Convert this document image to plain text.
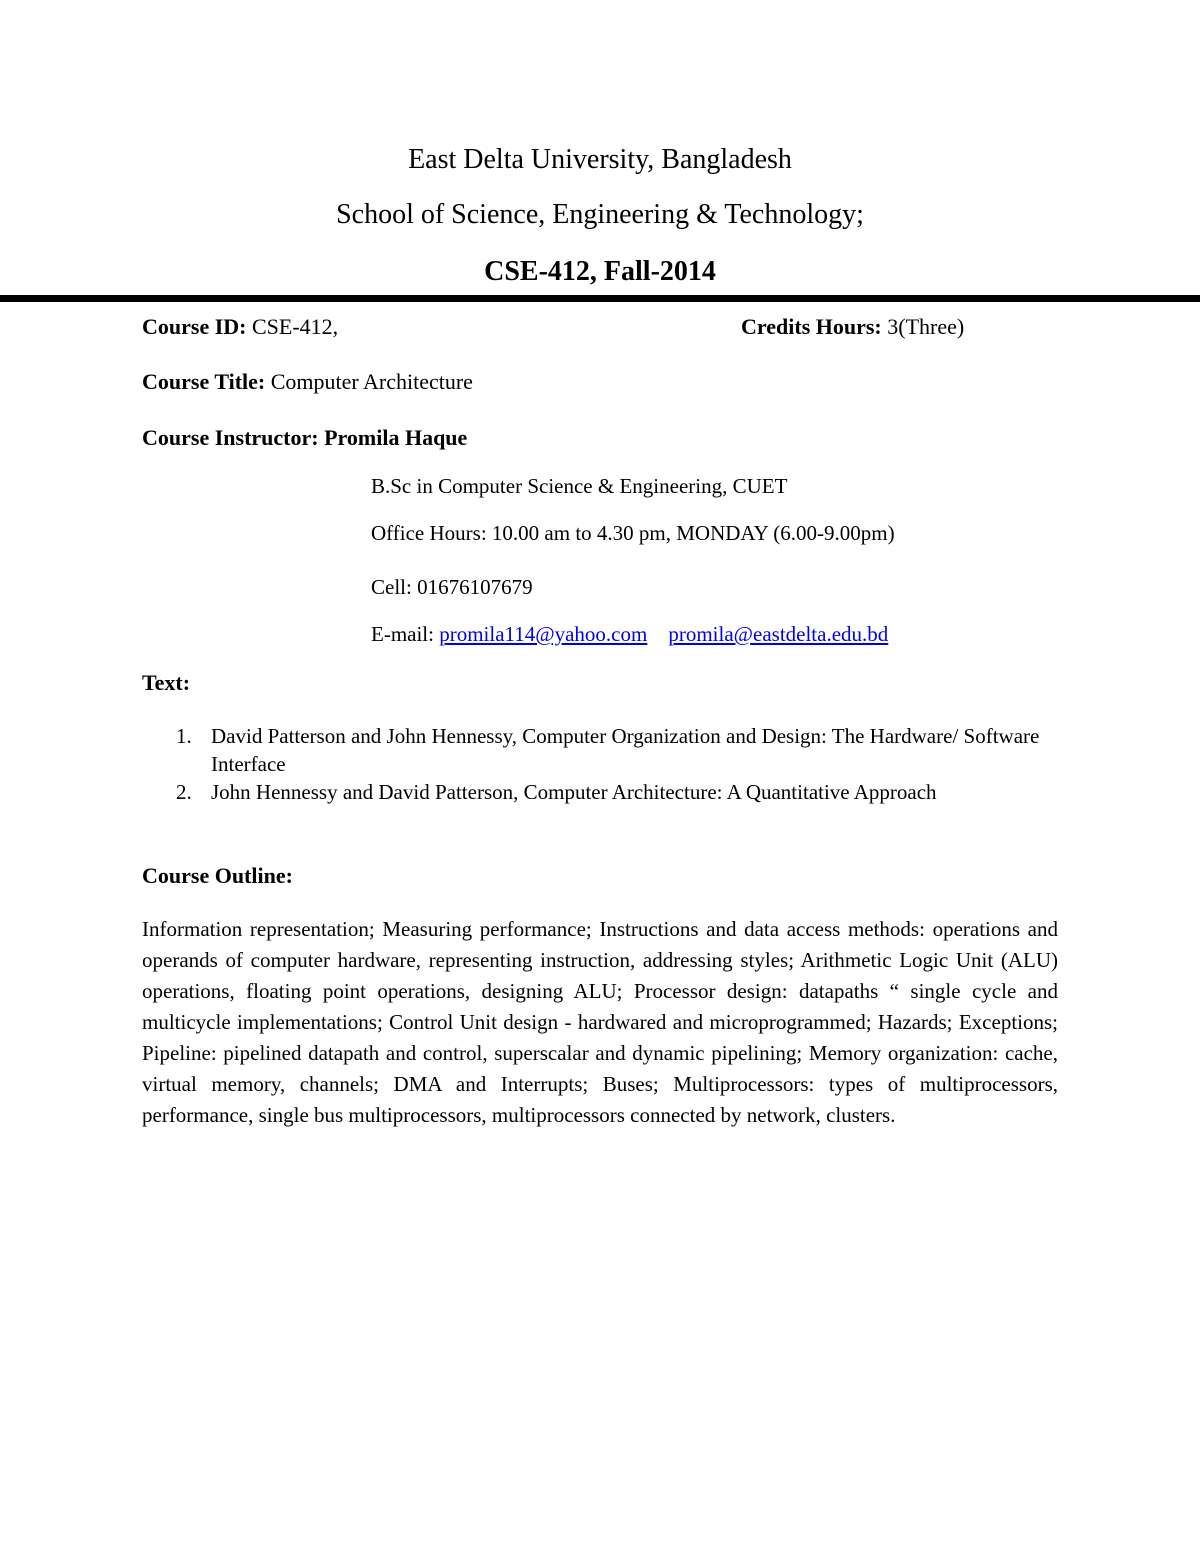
East Delta University, Bangladesh
School of Science, Engineering & Technology;
CSE-412, Fall-2014
Course ID: CSE-412,	Credits Hours: 3(Three)
Course Title: Computer Architecture
Course Instructor: Promila Haque
B.Sc in Computer Science & Engineering, CUET
Office Hours: 10.00 am to 4.30 pm, MONDAY (6.00-9.00pm)
Cell: 01676107679
E-mail: promila114@yahoo.com promila@eastdelta.edu.bd
Text:
1. David Patterson and John Hennessy, Computer Organization and Design: The Hardware/ Software Interface
2. John Hennessy and David Patterson, Computer Architecture: A Quantitative Approach
Course Outline:
Information representation; Measuring performance; Instructions and data access methods: operations and operands of computer hardware, representing instruction, addressing styles; Arithmetic Logic Unit (ALU) operations, floating point operations, designing ALU; Processor design: datapaths “ single cycle and multicycle implementations; Control Unit design - hardwared and microprogrammed; Hazards; Exceptions; Pipeline: pipelined datapath and control, superscalar and dynamic pipelining; Memory organization: cache, virtual memory, channels; DMA and Interrupts; Buses; Multiprocessors: types of multiprocessors, performance, single bus multiprocessors, multiprocessors connected by network, clusters.
